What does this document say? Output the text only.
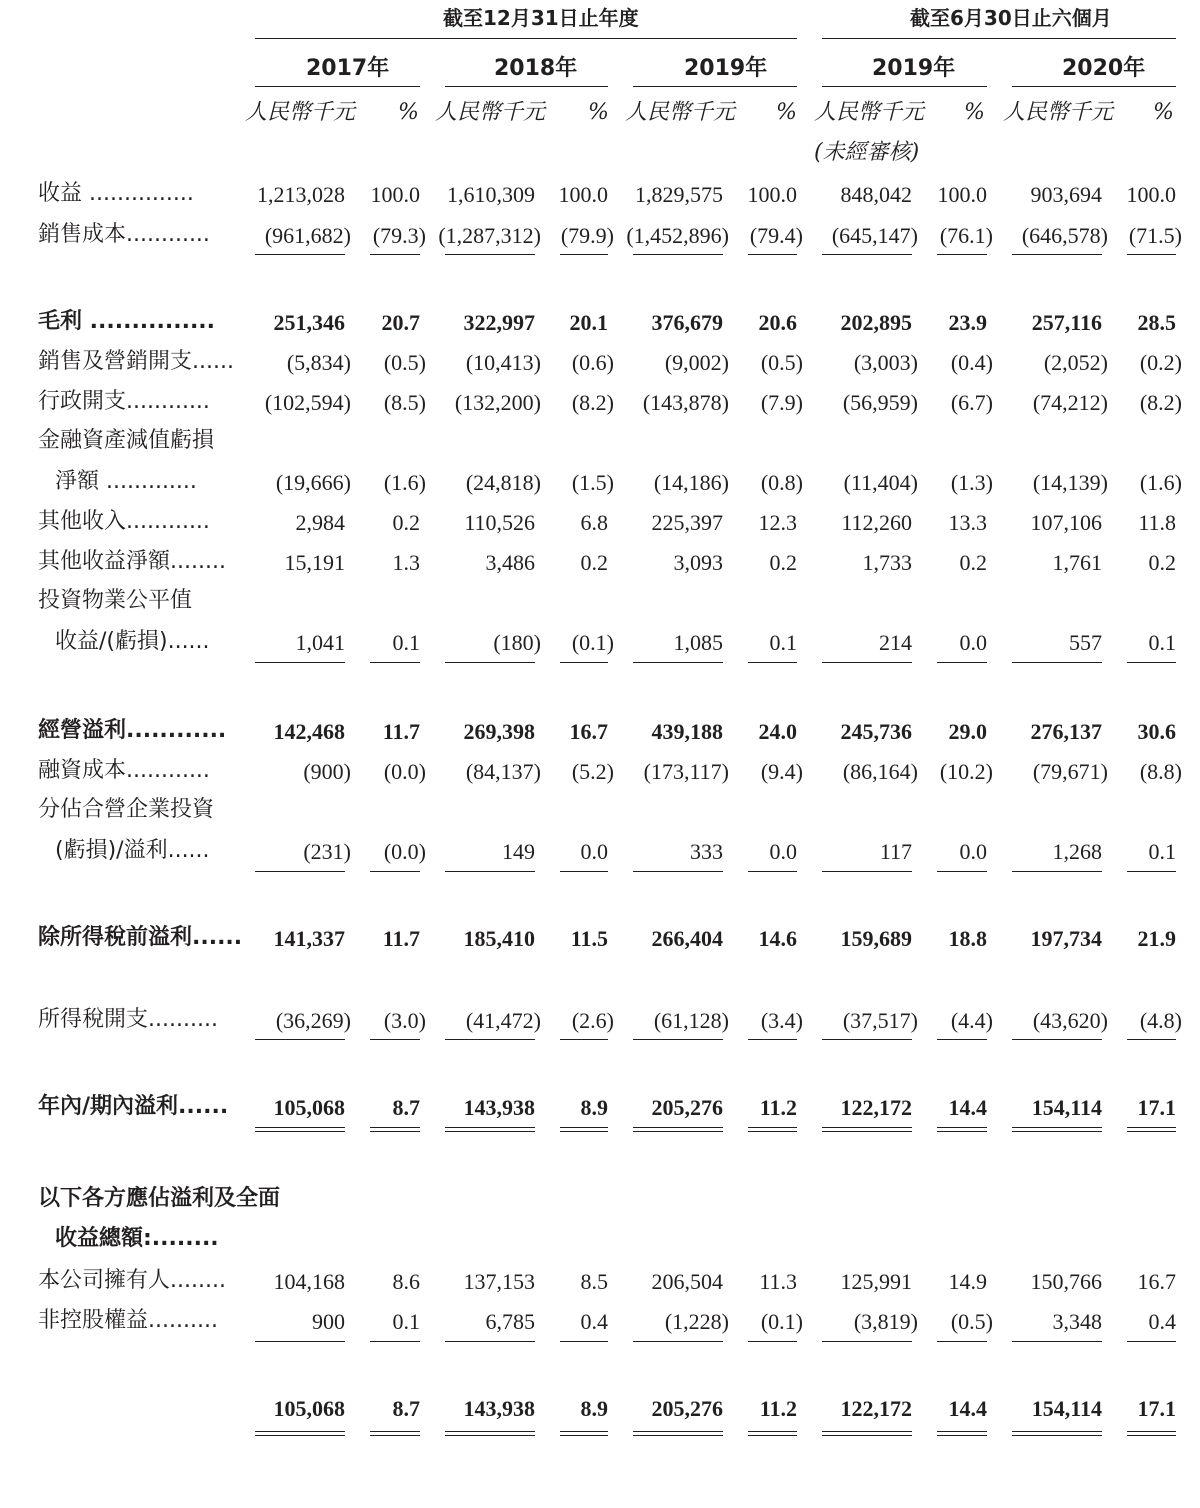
截至12月31日止年度	截至6月30日止六個月
2017年	2018年	2019年	2019年	2020年
人民幣千元 % 人民幣千元 % 人民幣千元 % 人民幣千元 % 人民幣千元 %
(未經審核)
收益 ...............	1,213,028 100.0 1,610,309 100.0 1,829,575 100.0 848,042 100.0 903,694 100.0
銷售成本............ (961,682) (79.3) (1,287,312) (79.9) (1,452,896) (79.4) (645,147) (76.1) (646,578) (71.5)
毛利 ...............	251,346 20.7 322,997 20.1 376,679 20.6 202,895 23.9 257,116 28.5
銷售及營銷開支...... (5,834) (0.5) (10,413) (0.6) (9,002) (0.5) (3,003) (0.4) (2,052) (0.2)
行政開支............ (102,594) (8.5) (132,200) (8.2) (143,878) (7.9) (56,959) (6.7) (74,212) (8.2)
金融資產減值虧損
淨額 .............	(19,666) (1.6) (24,818) (1.5) (14,186) (0.8) (11,404) (1.3) (14,139) (1.6)
其他收入............	2,984 0.2 110,526 6.8 225,397 12.3 112,260 13.3 107,106 11.8
其他收益淨額........	15,191 1.3	3,486 0.2	3,093 0.2	1,733 0.2	1,761 0.2
投資物業公平值
收益/(虧損)......	1,041 0.1	(180) (0.1)	1,085 0.1	214 0.0	557 0.1
經營溢利............ 142,468 11.7 269,398 16.7 439,188 24.0 245,736 29.0 276,137 30.6
融資成本............	(900) (0.0) (84,137) (5.2) (173,117) (9.4) (86,164) (10.2) (79,671) (8.8)
分佔合營企業投資
(虧損)/溢利......	(231) (0.0)	149 0.0	333 0.0	117 0.0	1,268 0.1
除所得稅前溢利...... 141,337 11.7 185,410 11.5 266,404 14.6 159,689 18.8 197,734 21.9
所得稅開支..........	(36,269) (3.0) (41,472) (2.6) (61,128) (3.4) (37,517) (4.4) (43,620) (4.8)
年內/期內溢利...... 105,068 8.7 143,938 8.9 205,276 11.2 122,172 14.4 154,114 17.1
以下各方應佔溢利及全面
收益總額:........
本公司擁有人........ 104,168 8.6 137,153 8.5 206,504 11.3 125,991 14.9 150,766 16.7
非控股權益..........	900 0.1	6,785 0.4	(1,228) (0.1) (3,819) (0.5)	3,348 0.4
105,068 8.7 143,938 8.9 205,276 11.2 122,172 14.4 154,114 17.1
